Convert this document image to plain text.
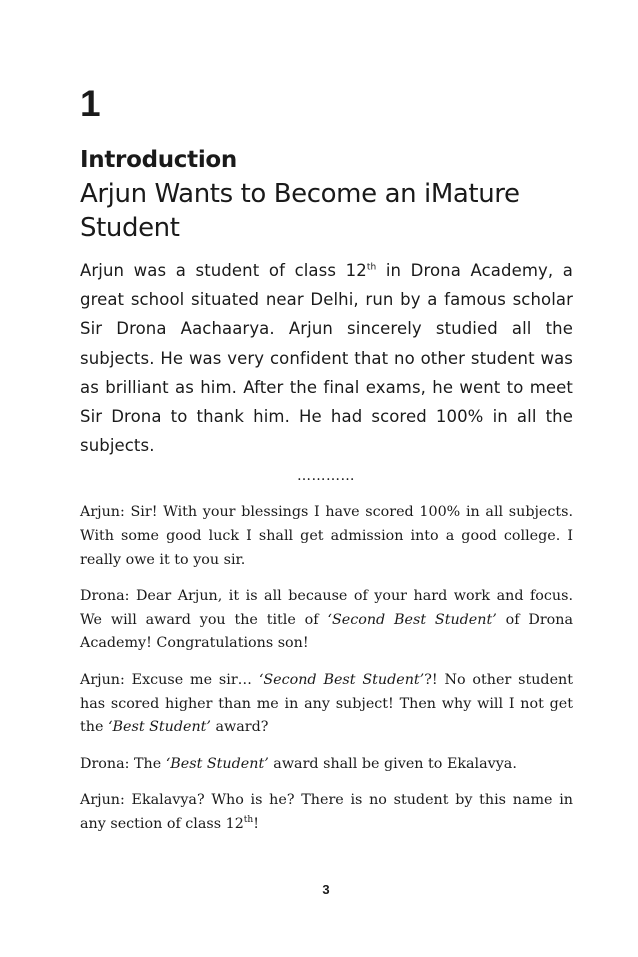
1
Introduction
Arjun Wants to Become an iMature
Student

Arjun was a student of class 12th in Drona Academy, a great school situated near Delhi, run by a famous scholar Sir Drona Aachaarya. Arjun sincerely studied all the subjects. He was very confident that no other student was as brilliant as him. After the final exams, he went to meet Sir Drona to thank him. He had scored 100% in all the subjects.

…………

Arjun: Sir! With your blessings I have scored 100% in all subjects. With some good luck I shall get admission into a good college. I really owe it to you sir.

Drona: Dear Arjun, it is all because of your hard work and focus. We will award you the title of ‘Second Best Student’ of Drona Academy! Congratulations son!

Arjun: Excuse me sir… ‘Second Best Student’?! No other student has scored higher than me in any subject! Then why will I not get the ‘Best Student’ award?

Drona: The ‘Best Student’ award shall be given to Ekalavya.

Arjun: Ekalavya? Who is he? There is no student by this name in any section of class 12th!

3
